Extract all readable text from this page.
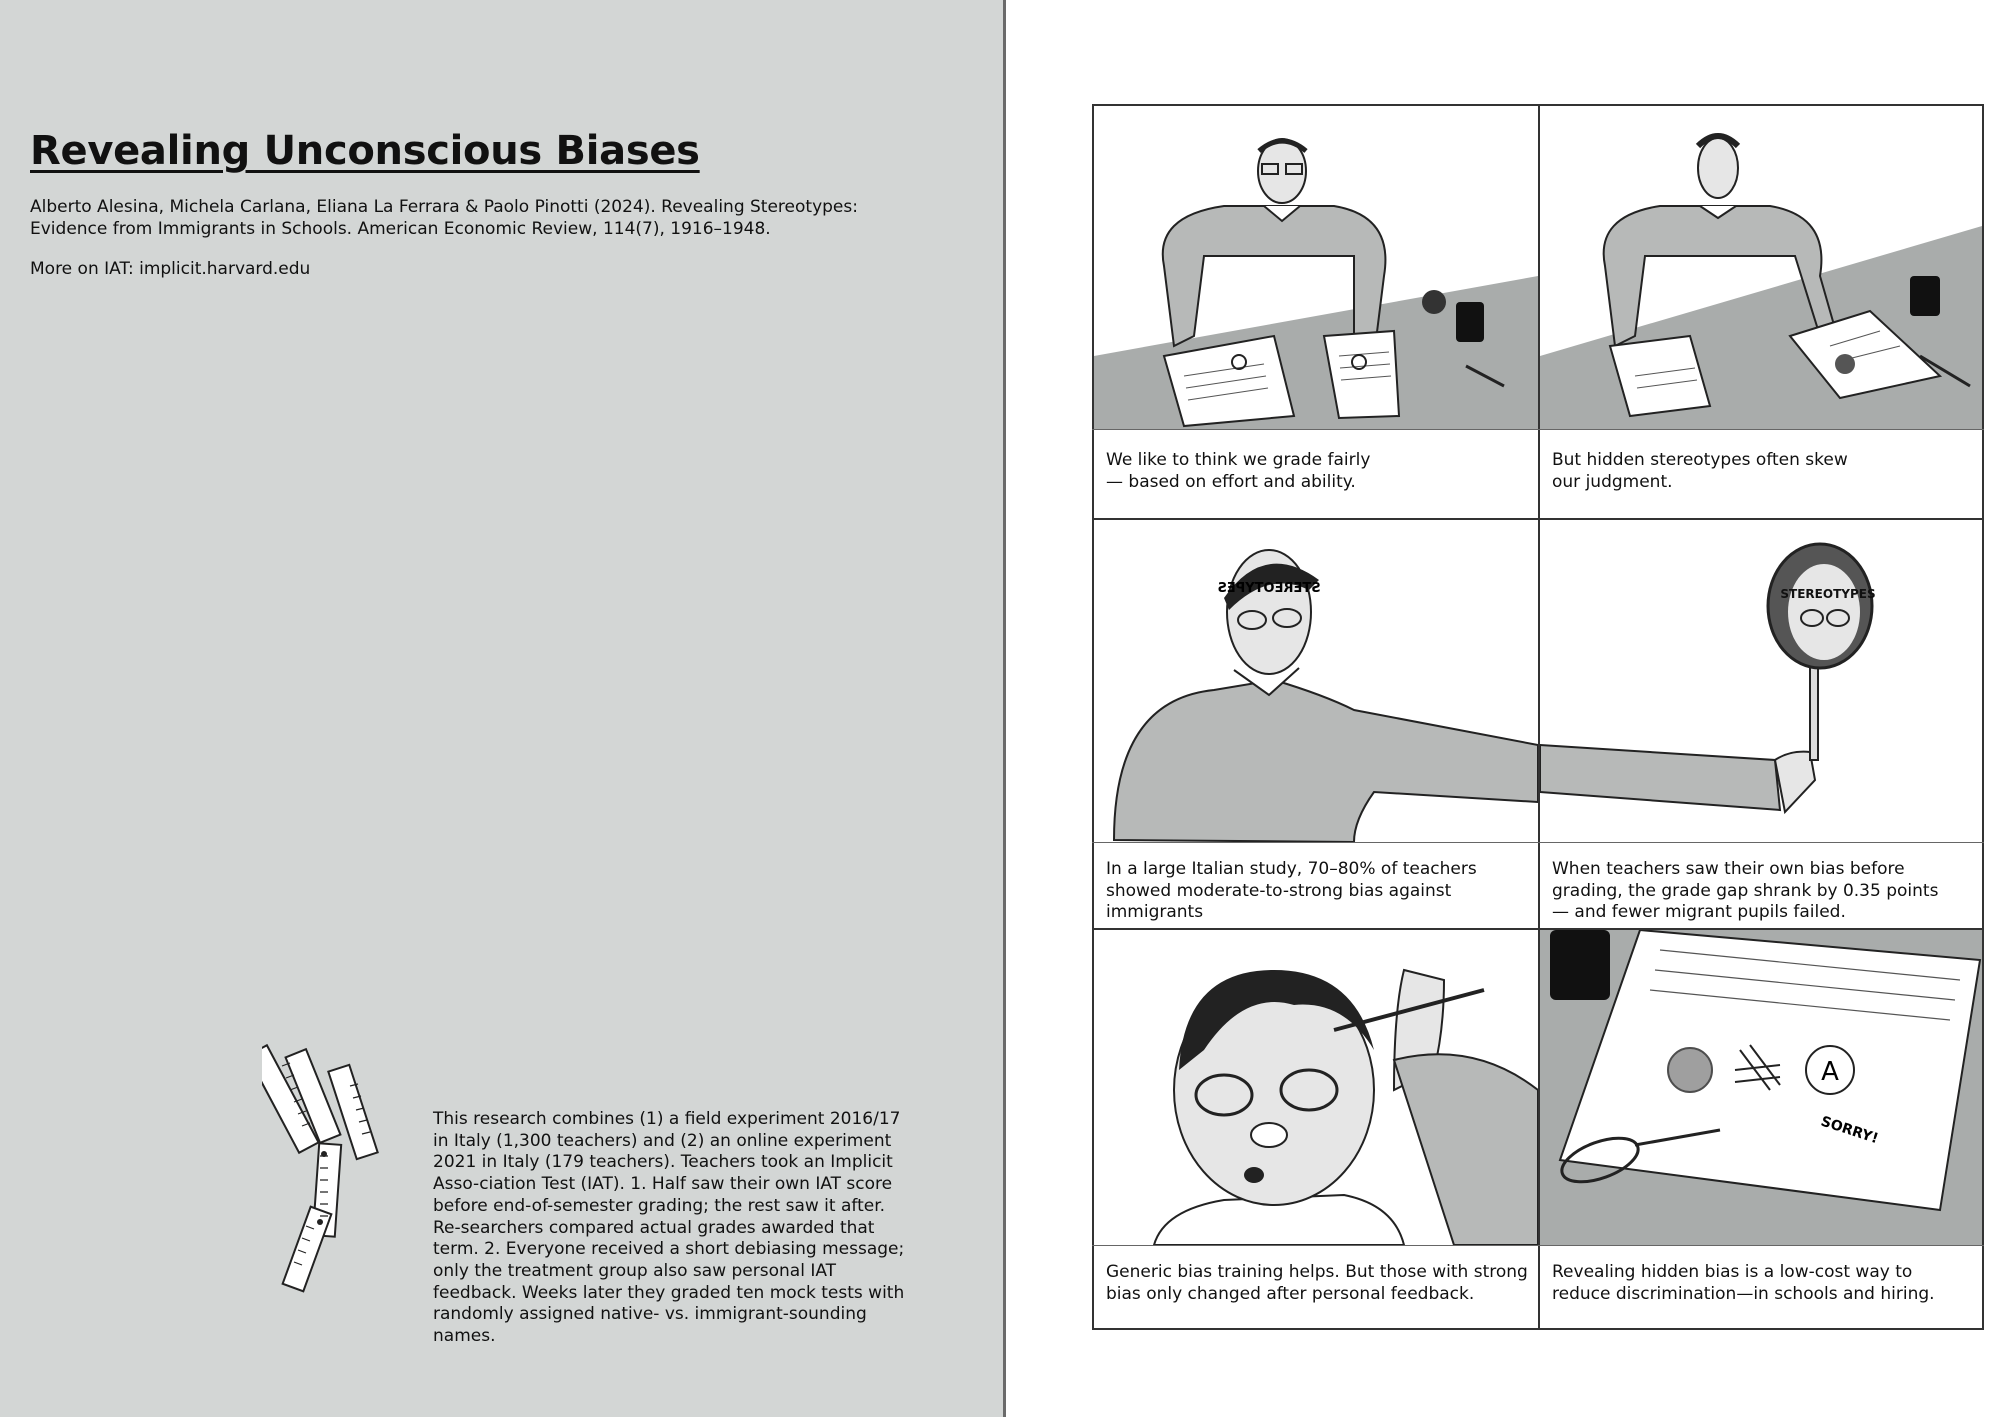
Revealing Unconscious Biases

Alberto Alesina, Michela Carlana, Eliana La Ferrara & Paolo Pinotti (2024). Revealing Stereotypes: Evidence from Immigrants in Schools. American Economic Review, 114(7), 1916–1948.

More on IAT: implicit.harvard.edu

This research combines (1) a field experiment 2016/17 in Italy (1,300 teachers) and (2) an online experiment 2021 in Italy (179 teachers). Teachers took an Implicit Asso-ciation Test (IAT). 1. Half saw their own IAT score before end-of-semester grading; the rest saw it after. Re-searchers compared actual grades awarded that term. 2. Everyone received a short debiasing message; only the treatment group also saw personal IAT feedback. Weeks later they graded ten mock tests with randomly assigned native- vs. immigrant-sounding names.

We like to think we grade fairly
— based on effort and ability.

But hidden stereotypes often skew
our judgment.

STEREOTYPES

In a large Italian study, 70–80% of teachers
showed moderate-to-strong bias against
immigrants

STEREOTYPES

When teachers saw their own bias before
grading, the grade gap shrank by 0.35 points
— and fewer migrant pupils failed.

Generic bias training helps. But those with strong
bias only changed after personal feedback.

A
SORRY!

Revealing hidden bias is a low-cost way to
reduce discrimination—in schools and hiring.
